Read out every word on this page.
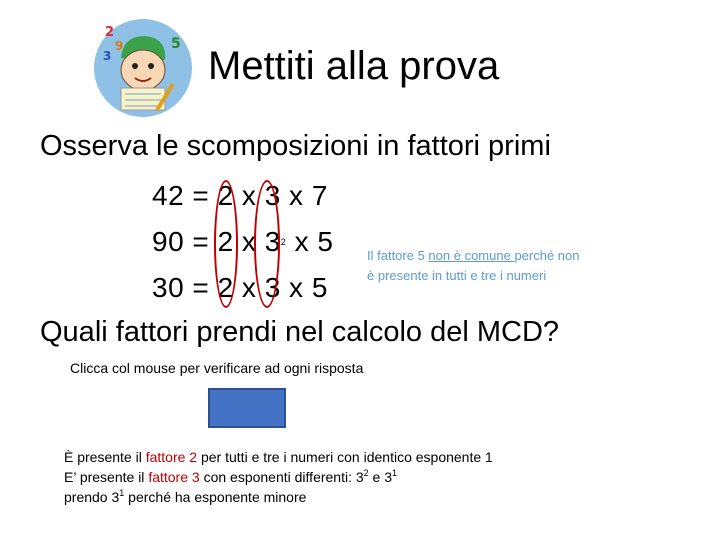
2
9
3
5 Mettiti alla prova
Osserva le scomposizioni in fattori primi
42 = 2 x 3 x 7
90 = 2 x $3^2$ x 5
30 = 2 x 3 x 5
Il fattore 5 non è comune perché non
è presente in tutti e tre i numeri
Quali fattori prendi nel calcolo del MCD?
Clicca col mouse per verificare ad ogni risposta
È presente il fattore 2 per tutti e tre i numeri con identico esponente 1
E’ presente il fattore 3 con esponenti differenti: $3^2$ e $3^1$
prendo $3^1$ perché ha esponente minore
